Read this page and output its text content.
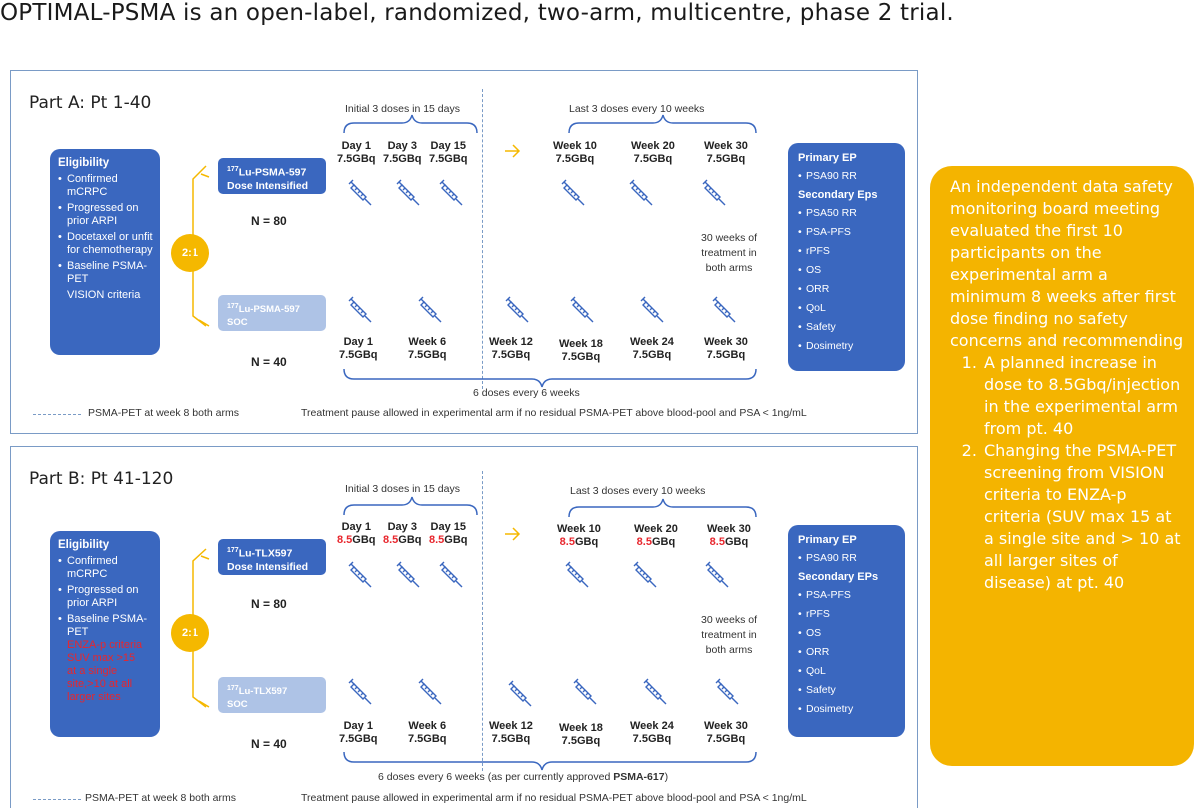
OPTIMAL-PSMA is an open-label, randomized, two-arm, multicentre, phase 2 trial.
Part A: Pt 1-40
Eligibility
• Confirmed mCRPC
• Progressed on prior ARPI
• Docetaxel or unfit for chemotherapy
• Baseline PSMA-PET
VISION criteria
2:1
$^{177}$Lu-PSMA-597
Dose Intensified
N = 80
$^{177}$Lu-PSMA-597
SOC
N = 40
Initial 3 doses in 15 days	Last 3 doses every 10 weeks
Day 1
7.5GBq
Day 3
7.5GBq
Day 15
7.5GBq
Week 10
7.5GBq
Week 20
7.5GBq
Week 30
7.5GBq
30 weeks of
treatment in
both arms
Day 1
7.5GBq
Week 6
7.5GBq
Week 12
7.5GBq
Week 18
7.5GBq
Week 24
7.5GBq
Week 30
7.5GBq
6 doses every 6 weeks
Primary EP
• PSA90 RR
Secondary Eps
• PSA50 RR
• PSA-PFS
• rPFS
• OS
• ORR
• QoL
• Safety
• Dosimetry
PSMA-PET at week 8 both arms	Treatment pause allowed in experimental arm if no residual PSMA-PET above blood-pool and PSA < 1ng/mL
Part B: Pt 41-120
Eligibility
• Confirmed mCRPC
• Progressed on prior ARPI
• Baseline PSMA-PET
ENZA-p criteria
SUV max >15
at a single
site,>10 at all
larger sites
2:1
$^{177}$Lu-TLX597
Dose Intensified
N = 80
$^{177}$Lu-TLX597
SOC
N = 40
Initial 3 doses in 15 days	Last 3 doses every 10 weeks
Day 1
8.5GBq
Day 3
8.5GBq
Day 15
8.5GBq
Week 10
8.5GBq
Week 20
8.5GBq
Week 30
8.5GBq
30 weeks of
treatment in
both arms
Day 1
7.5GBq
Week 6
7.5GBq
Week 12
7.5GBq
Week 18
7.5GBq
Week 24
7.5GBq
Week 30
7.5GBq
6 doses every 6 weeks (as per currently approved PSMA-617)
Primary EP
• PSA90 RR
Secondary EPs
• PSA-PFS
• rPFS
• OS
• ORR
• QoL
• Safety
• Dosimetry
PSMA-PET at week 8 both arms	Treatment pause allowed in experimental arm if no residual PSMA-PET above blood-pool and PSA < 1ng/mL

An independent data safety monitoring board meeting evaluated the first 10 participants on the experimental arm a minimum 8 weeks after first dose finding no safety concerns and recommending

1. A planned increase in dose to 8.5Gbq/injection in the experimental arm from pt. 40
2. Changing the PSMA-PET screening from VISION criteria to ENZA-p criteria (SUV max 15 at a single site and > 10 at all larger sites of disease) at pt. 40
